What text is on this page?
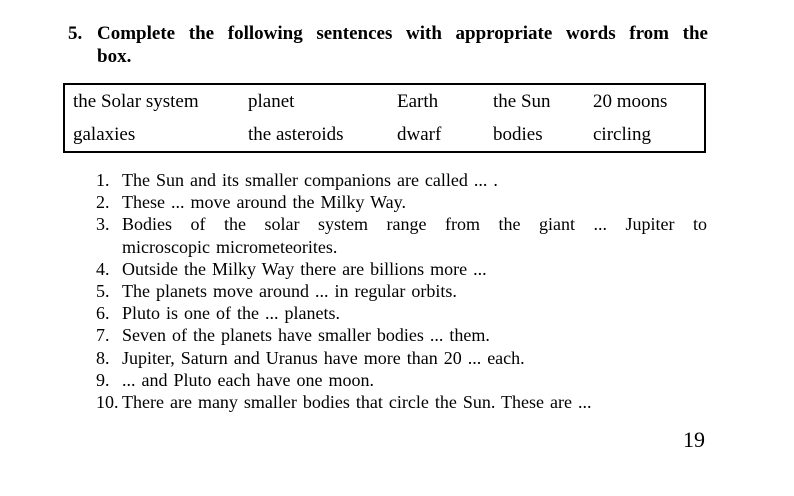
5. Complete the following sentences with appropriate words from the
box.
the Solar system	planet	Earth	the Sun	20 moons
galaxies	the asteroids	dwarf	bodies	circling
1. The Sun and its smaller companions are called ... .
2. These ... move around the Milky Way.
3. Bodies of the solar system range from the giant ... Jupiter to
microscopic micrometeorites.
4. Outside the Milky Way there are billions more ...
5. The planets move around ... in regular orbits.
6. Pluto is one of the ... planets.
7. Seven of the planets have smaller bodies ... them.
8. Jupiter, Saturn and Uranus have more than 20 ... each.
9. ... and Pluto each have one moon.
10. There are many smaller bodies that circle the Sun. These are ...
19
